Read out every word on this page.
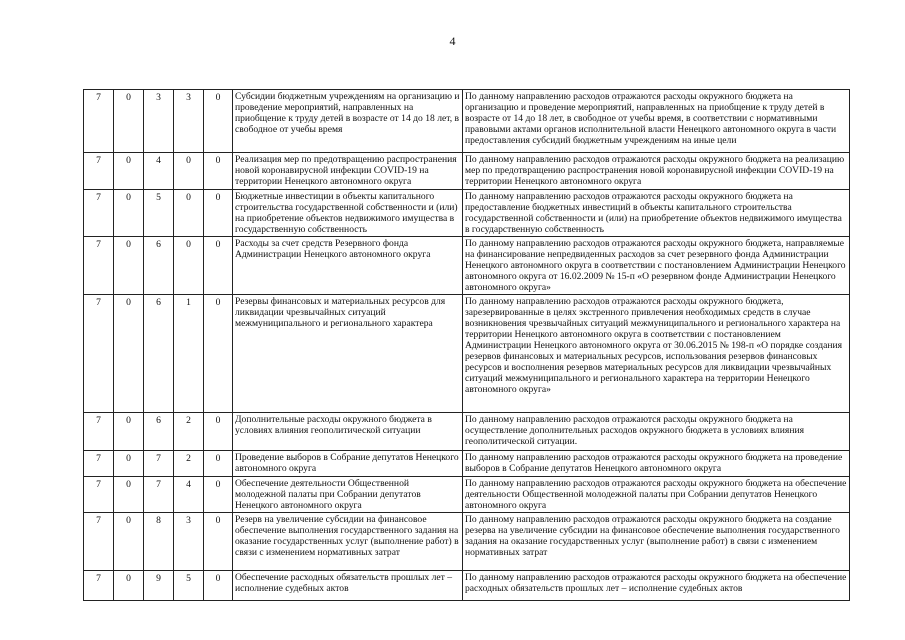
4
7	0	3	3	0	Субсидии бюджетным учреждениям на организацию и проведение мероприятий, направленных на приобщение к труду детей в возрасте от 14 до 18 лет, в свободное от учебы время	По данному направлению расходов отражаются расходы окружного бюджета на организацию и проведение мероприятий, направленных на приобщение к труду детей в возрасте от 14 до 18 лет, в свободное от учебы время, в соответствии с нормативными правовыми актами органов исполнительной власти Ненецкого автономного округа в части предоставления субсидий бюджетным учреждениям на иные цели
7	0	4	0	0	Реализация мер по предотвращению распространения новой коронавирусной инфекции COVID-19 на территории Ненецкого автономного округа	По данному направлению расходов отражаются расходы окружного бюджета на реализацию мер по предотвращению распространения новой коронавирусной инфекции COVID-19 на территории Ненецкого автономного округа
7	0	5	0	0	Бюджетные инвестиции в объекты капитального строительства государственной собственности и (или) на приобретение объектов недвижимого имущества в государственную собственность	По данному направлению расходов отражаются расходы окружного бюджета на предоставление бюджетных инвестиций в объекты капитального строительства государственной собственности и (или) на приобретение объектов недвижимого имущества в государственную собственность
7	0	6	0	0	Расходы за счет средств Резервного фонда Администрации Ненецкого автономного округа	По данному направлению расходов отражаются расходы окружного бюджета, направляемые на финансирование непредвиденных расходов за счет резервного фонда Администрации Ненецкого автономного округа в соответствии с постановлением Администрации Ненецкого автономного округа от 16.02.2009 № 15-п «О резервном фонде Администрации Ненецкого автономного округа»
7	0	6	1	0	Резервы финансовых и материальных ресурсов для ликвидации чрезвычайных ситуаций межмуниципального и регионального характера	По данному направлению расходов отражаются расходы окружного бюджета, зарезервированные в целях экстренного привлечения необходимых средств в случае возникновения чрезвычайных ситуаций межмуниципального и регионального характера на территории Ненецкого автономного округа в соответствии с постановлением Администрации Ненецкого автономного округа от 30.06.2015 № 198-п «О порядке создания резервов финансовых и материальных ресурсов, использования резервов финансовых ресурсов и восполнения резервов материальных ресурсов для ликвидации чрезвычайных ситуаций межмуниципального и регионального характера на территории Ненецкого автономного округа»
7	0	6	2	0	Дополнительные расходы окружного бюджета в условиях влияния геополитической ситуации	По данному направлению расходов отражаются расходы окружного бюджета на осуществление дополнительных расходов окружного бюджета в условиях влияния геополитической ситуации.
7	0	7	2	0	Проведение выборов в Собрание депутатов Ненецкого автономного округа	По данному направлению расходов отражаются расходы окружного бюджета на проведение выборов в Собрание депутатов Ненецкого автономного округа
7	0	7	4	0	Обеспечение деятельности Общественной молодежной палаты при Собрании депутатов Ненецкого автономного округа	По данному направлению расходов отражаются расходы окружного бюджета на обеспечение деятельности Общественной молодежной палаты при Собрании депутатов Ненецкого автономного округа
7	0	8	3	0	Резерв на увеличение субсидии на финансовое обеспечение выполнения государственного задания на оказание государственных услуг (выполнение работ) в связи с изменением нормативных затрат	По данному направлению расходов отражаются расходы окружного бюджета на создание резерва на увеличение субсидии на финансовое обеспечение выполнения государственного задания на оказание государственных услуг (выполнение работ) в связи с изменением нормативных затрат
7	0	9	5	0	Обеспечение расходных обязательств прошлых лет – исполнение судебных актов	По данному направлению расходов отражаются расходы окружного бюджета на обеспечение расходных обязательств прошлых лет – исполнение судебных актов
